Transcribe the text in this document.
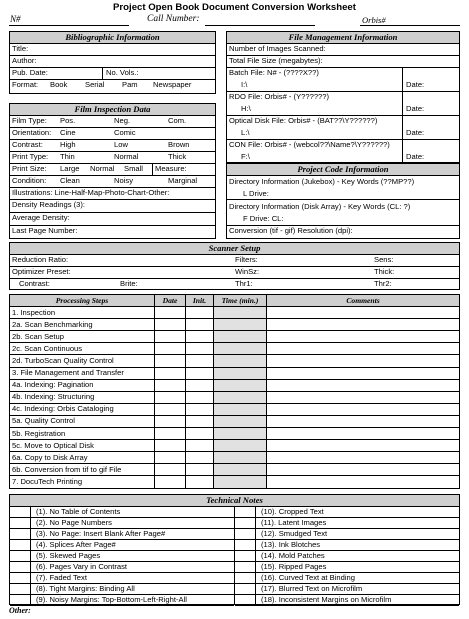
Project Open Book Document Conversion Worksheet
N#	Call Number:	Orbis#
Bibliographic Information
Title:
Author:
Pub. Date:	No. Vols.:
Format: Book Serial Pam Newspaper
Film Inspection Data
Film Type: Pos.	Neg.	Com.
Orientation: Cine	Comic
Contrast: High	Low	Brown
Print Type: Thin	Normal	Thick
Print Size: Large Normal Small Measure:
Condition: Clean	Noisy	Marginal
Illustrations: Line-Half-Map-Photo-Chart-Other:
Density Readings (3):
Average Density:
Last Page Number:
File Management Information
Number of Images Scanned:
Total File Size (megabytes):
Batch File: N# - (????X??)
I:\	Date:
RDO File: Orbis# - (Y??????)
H:\	Date:
Optical Disk File: Orbis# - (BAT??\Y??????)
L:\	Date:
CON File: Orbis# - (webcol??\Name?\Y??????)
F:\	Date:
Project Code Information
Directory Information (Jukebox) - Key Words (??MP??)
L Drive:
Directory Information (Disk Array) - Key Words (CL: ?)
F Drive: CL:
Conversion (tif - gif) Resolution (dpi):
Scanner Setup
Reduction Ratio:	Filters:	Sens:
Optimizer Preset:	WinSz:	Thick:
Contrast:	Brite:	Thr1:	Thr2:
Processing Steps	Date	Init.	Time (min.)	Comments
1. Inspection				
2a. Scan Benchmarking				
2b. Scan Setup				
2c. Scan Continuous				
2d. TurboScan Quality Control				
3. File Management and Transfer				
4a. Indexing: Pagination				
4b. Indexing: Structuring				
4c. Indexing: Orbis Cataloging				
5a. Quality Control				
5b. Registration				
5c. Move to Optical Disk				
6a. Copy to Disk Array				
6b. Conversion from tif to gif File				
7. DocuTech Printing				
Technical Notes
(1). No Table of Contents
(2). No Page Numbers
(3). No Page: Insert Blank After Page#
(4). Splices After Page#
(5). Skewed Pages
(6). Pages Vary in Contrast
(7). Faded Text
(8). Tight Margins: Binding All
(9). Noisy Margins: Top-Bottom-Left-Right-All
(10). Cropped Text
(11). Latent Images
(12). Smudged Text
(13). Ink Blotches
(14). Mold Patches
(15). Ripped Pages
(16). Curved Text at Binding
(17). Blurred Text on Microfilm
(18). Inconsistent Margins on Microfilm
Other:
